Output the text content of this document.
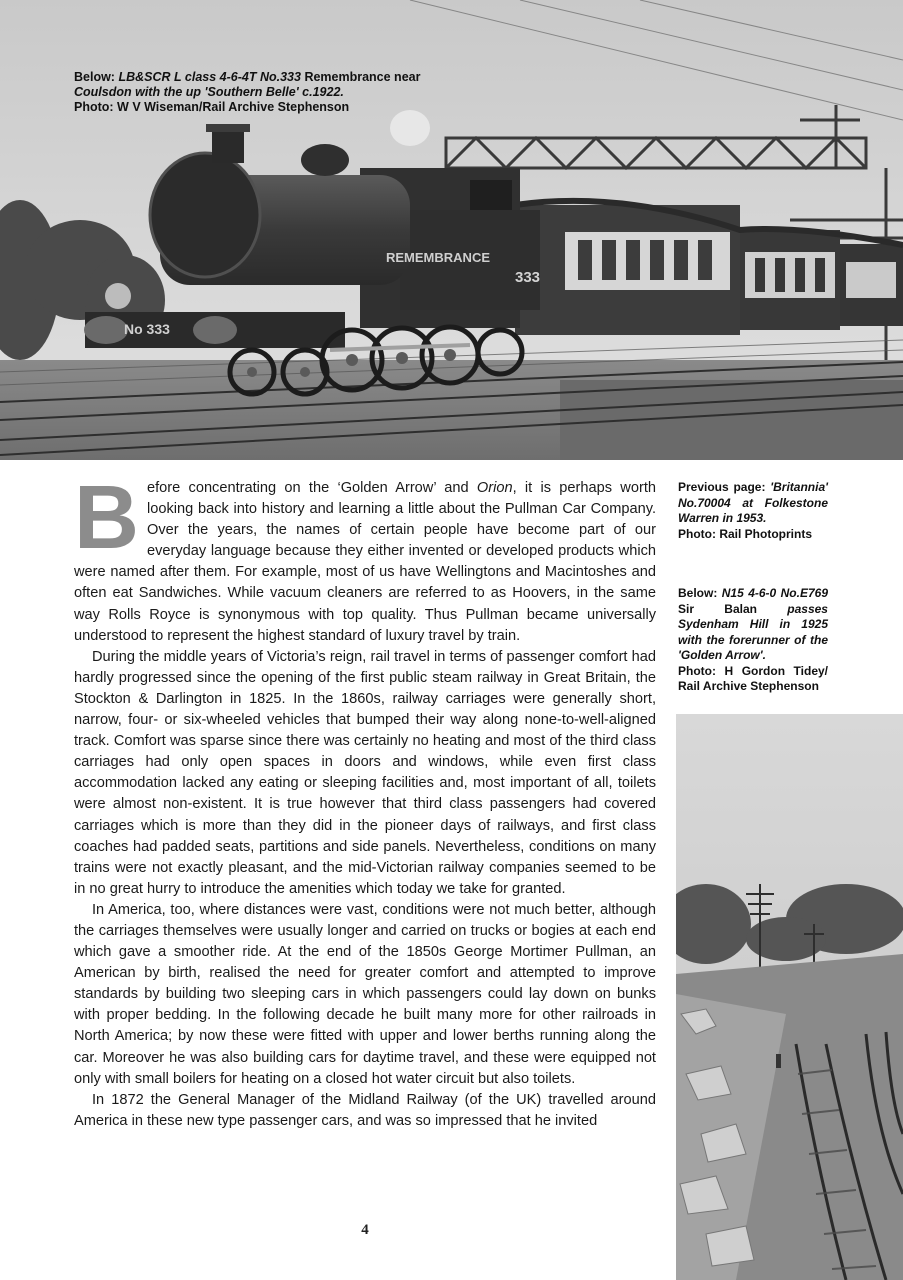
No 333
REMEMBRANCE
333
Below: LB&SCR L class 4-6-4T No.333 Remembrance near
Coulsdon with the up 'Southern Belle' c.1922.
Photo: W V Wiseman/Rail Archive Stephenson

Before concentrating on the ‘Golden Arrow’ and Orion, it is perhaps worth looking back into history and learning a little about the Pullman Car Company. Over the years, the names of certain people have become part of our everyday language because they either invented or developed products which were named after them. For example, most of us have Wellingtons and Macintoshes and often eat Sandwiches. While vacuum cleaners are referred to as Hoovers, in the same way Rolls Royce is synonymous with top quality. Thus Pullman became universally understood to represent the highest standard of luxury travel by train.

During the middle years of Victoria’s reign, rail travel in terms of passenger comfort had hardly progressed since the opening of the first public steam railway in Great Britain, the Stockton & Darlington in 1825. In the 1860s, railway carriages were generally short, narrow, four- or six-wheeled vehicles that bumped their way along none-to-well-aligned track. Comfort was sparse since there was certainly no heating and most of the third class carriages had only open spaces in doors and windows, while even first class accommodation lacked any eating or sleeping facilities and, most important of all, toilets were almost non-existent. It is true however that third class passengers had covered carriages which is more than they did in the pioneer days of railways, and first class coaches had padded seats, partitions and side panels. Nevertheless, conditions on many trains were not exactly pleasant, and the mid-Victorian railway companies seemed to be in no great hurry to introduce the amenities which today we take for granted.

In America, too, where distances were vast, conditions were not much better, although the carriages themselves were usually longer and carried on trucks or bogies at each end which gave a smoother ride. At the end of the 1850s George Mortimer Pullman, an American by birth, realised the need for greater comfort and attempted to improve standards by building two sleeping cars in which passengers could lay down on bunks with proper bedding. In the following decade he built many more for other railroads in North America; by now these were fitted with upper and lower berths running along the car. Moreover he was also building cars for daytime travel, and these were equipped not only with small boilers for heating on a closed hot water circuit but also toilets.

In 1872 the General Manager of the Midland Railway (of the UK) travelled around America in these new type passenger cars, and was so impressed that he invited

Previous page: 'Britannia' No.70004 at Folkestone Warren in 1953.
Photo: Rail Photoprints
Below: N15 4-6-0 No.E769 Sir Balan	passes Sydenham Hill in 1925 with the forerunner of the 'Golden Arrow'.
Photo: H Gordon Tidey/ Rail Archive Stephenson
4
